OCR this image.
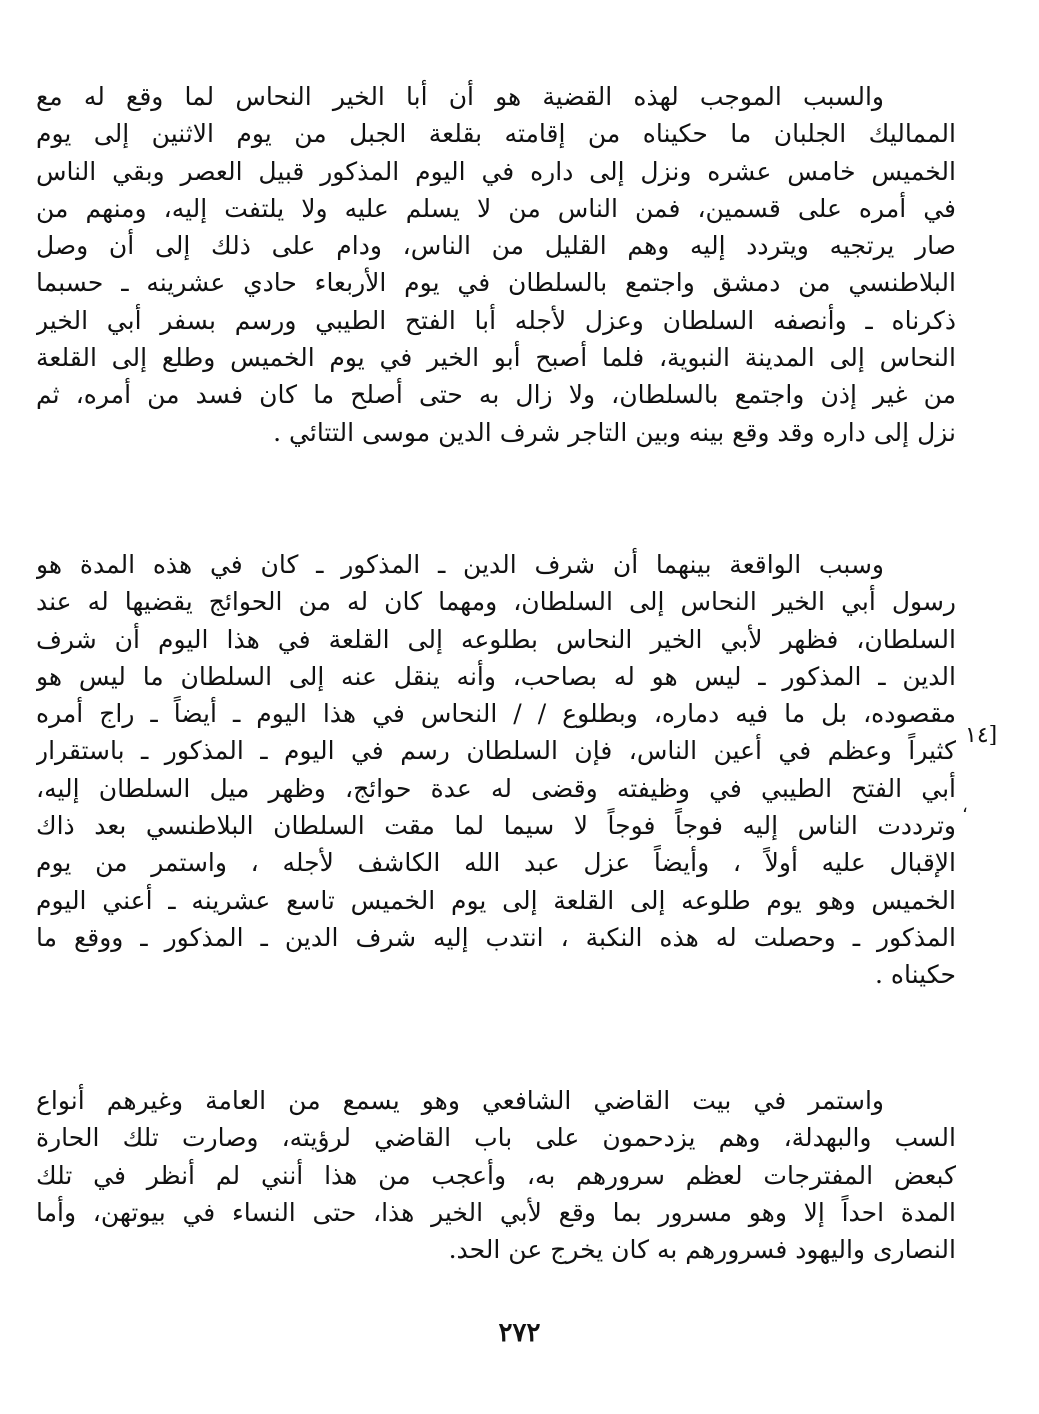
والسبب الموجب لهذه القضية هو أن أبا الخير النحاس لما وقع له مع
المماليك الجلبان ما حكيناه من إقامته بقلعة الجبل من يوم الاثنين إلى يوم
الخميس خامس عشره ونزل إلى داره في اليوم المذكور قبيل العصر وبقي الناس
في أمره على قسمين، فمن الناس من لا يسلم عليه ولا يلتفت إليه، ومنهم من
صار يرتجيه ويتردد إليه وهم القليل من الناس، ودام على ذلك إلى أن وصل
البلاطنسي من دمشق واجتمع بالسلطان في يوم الأربعاء حادي عشرينه ـ حسبما
ذكرناه ـ وأنصفه السلطان وعزل لأجله أبا الفتح الطيبي ورسم بسفر أبي الخير
النحاس إلى المدينة النبوية، فلما أصبح أبو الخير في يوم الخميس وطلع إلى القلعة
من غير إذن واجتمع بالسلطان، ولا زال به حتى أصلح ما كان فسد من أمره، ثم
نزل إلى داره وقد وقع بينه وبين التاجر شرف الدين موسى التتائي .
وسبب الواقعة بينهما أن شرف الدين ـ المذكور ـ كان في هذه المدة هو
رسول أبي الخير النحاس إلى السلطان، ومهما كان له من الحوائج يقضيها له عند
السلطان، فظهر لأبي الخير النحاس بطلوعه إلى القلعة في هذا اليوم أن شرف
الدين ـ المذكور ـ ليس هو له بصاحب، وأنه ينقل عنه إلى السلطان ما ليس هو
مقصوده، بل ما فيه دماره، وبطلوع / / النحاس في هذا اليوم ـ أيضاً ـ راج أمره
كثيراً وعظم في أعين الناس، فإن السلطان رسم في اليوم ـ المذكور ـ باستقرار
أبي الفتح الطيبي في وظيفته وقضى له عدة حوائج، وظهر ميل السلطان إليه،
وترددت الناس إليه فوجاً فوجاً لا سيما لما مقت السلطان البلاطنسي بعد ذاك
الإقبال عليه أولاً ، وأيضاً عزل عبد الله الكاشف لأجله ، واستمر من يوم
الخميس وهو يوم طلوعه إلى القلعة إلى يوم الخميس تاسع عشرينه ـ أعني اليوم
المذكور ـ وحصلت له هذه النكبة ، انتدب إليه شرف الدين ـ المذكور ـ ووقع ما
حكيناه .
واستمر في بيت القاضي الشافعي وهو يسمع من العامة وغيرهم أنواع
السب والبهدلة، وهم يزدحمون على باب القاضي لرؤيته، وصارت تلك الحارة
كبعض المفترجات لعظم سرورهم به، وأعجب من هذا أنني لم أنظر في تلك
المدة احداً إلا وهو مسرور بما وقع لأبي الخير هذا، حتى النساء في بيوتهن، وأما
النصارى واليهود فسرورهم به كان يخرج عن الحد.
[١٤
،
٢٧٢
